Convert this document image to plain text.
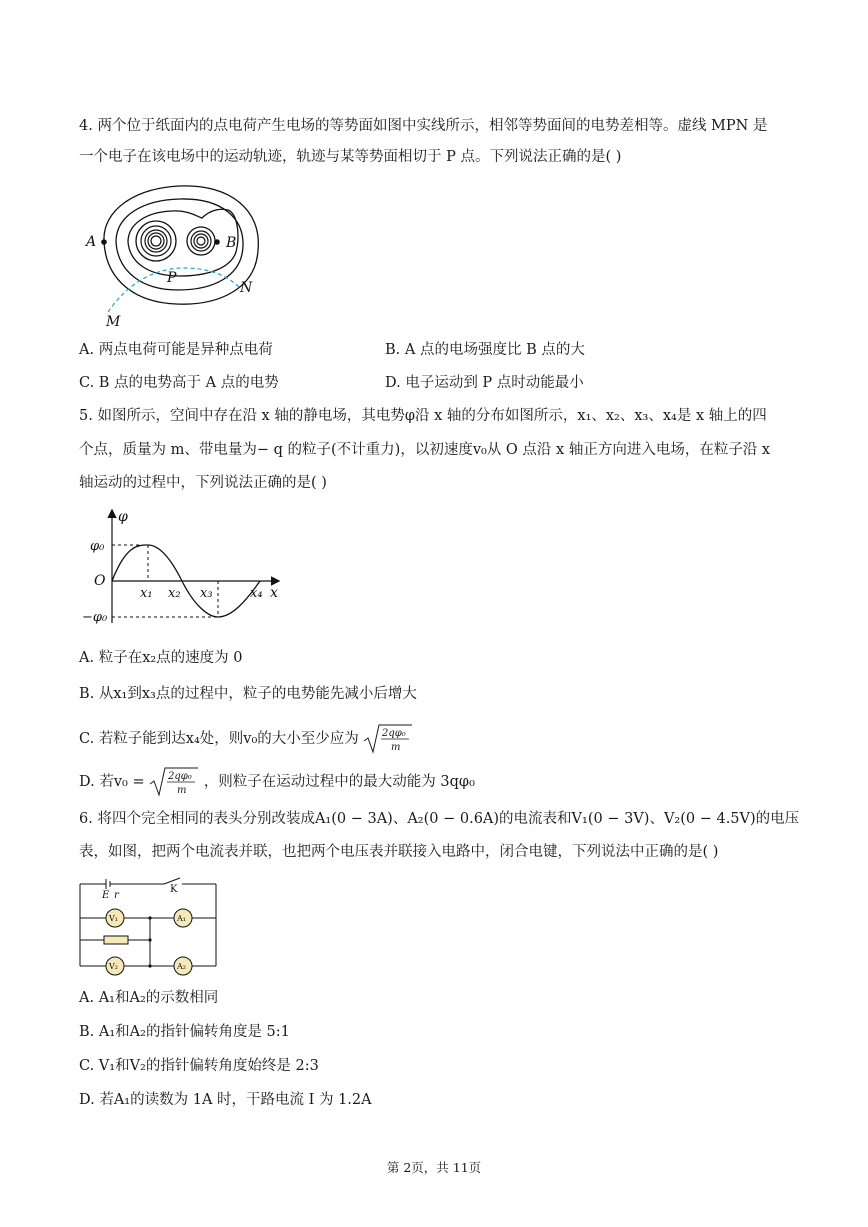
4. 两个位于纸面内的点电荷产生电场的等势面如图中实线所示，相邻等势面间的电势差相等。虚线 MPN 是
一个电子在该电场中的运动轨迹，轨迹与某等势面相切于 P 点。下列说法正确的是( )
A	B
P
N
M
A. 两点电荷可能是异种点电荷	B. A 点的电场强度比 B 点的大
C. B 点的电势高于 A 点的电势	D. 电子运动到 P 点时动能最小
5. 如图所示，空间中存在沿 x 轴的静电场，其电势φ沿 x 轴的分布如图所示，x₁、x₂、x₃、x₄是 x 轴上的四
个点，质量为 m、带电量为− q 的粒子(不计重力)，以初速度v₀从 O 点沿 x 轴正方向进入电场，在粒子沿 x
轴运动的过程中，下列说法正确的是( )
φ
φ₀
O
−φ₀
x₁ x₂ x₃	x₄ x
A. 粒子在x₂点的速度为 0
B. 从x₁到x₃点的过程中，粒子的电势能先减小后增大
C. 若粒子能到达x₄处，则v₀的大小至少应为 2qφ₀
m
D. 若v₀ = 2qφ₀
m
，则粒子在运动过程中的最大动能为 3qφ₀
6. 将四个完全相同的表头分别改装成A₁(0 − 3A)、A₂(0 − 0.6A)的电流表和V₁(0 − 3V)、V₂(0 − 4.5V)的电压
表，如图，把两个电流表并联，也把两个电压表并联接入电路中，闭合电键，下列说法中正确的是( )
E r
K
V₁	A₁
V₂	A₂
A. A₁和A₂的示数相同
B. A₁和A₂的指针偏转角度是 5:1
C. V₁和V₂的指针偏转角度始终是 2:3
D. 若A₁的读数为 1A 时，干路电流 I 为 1.2A
第 2页，共 11页
